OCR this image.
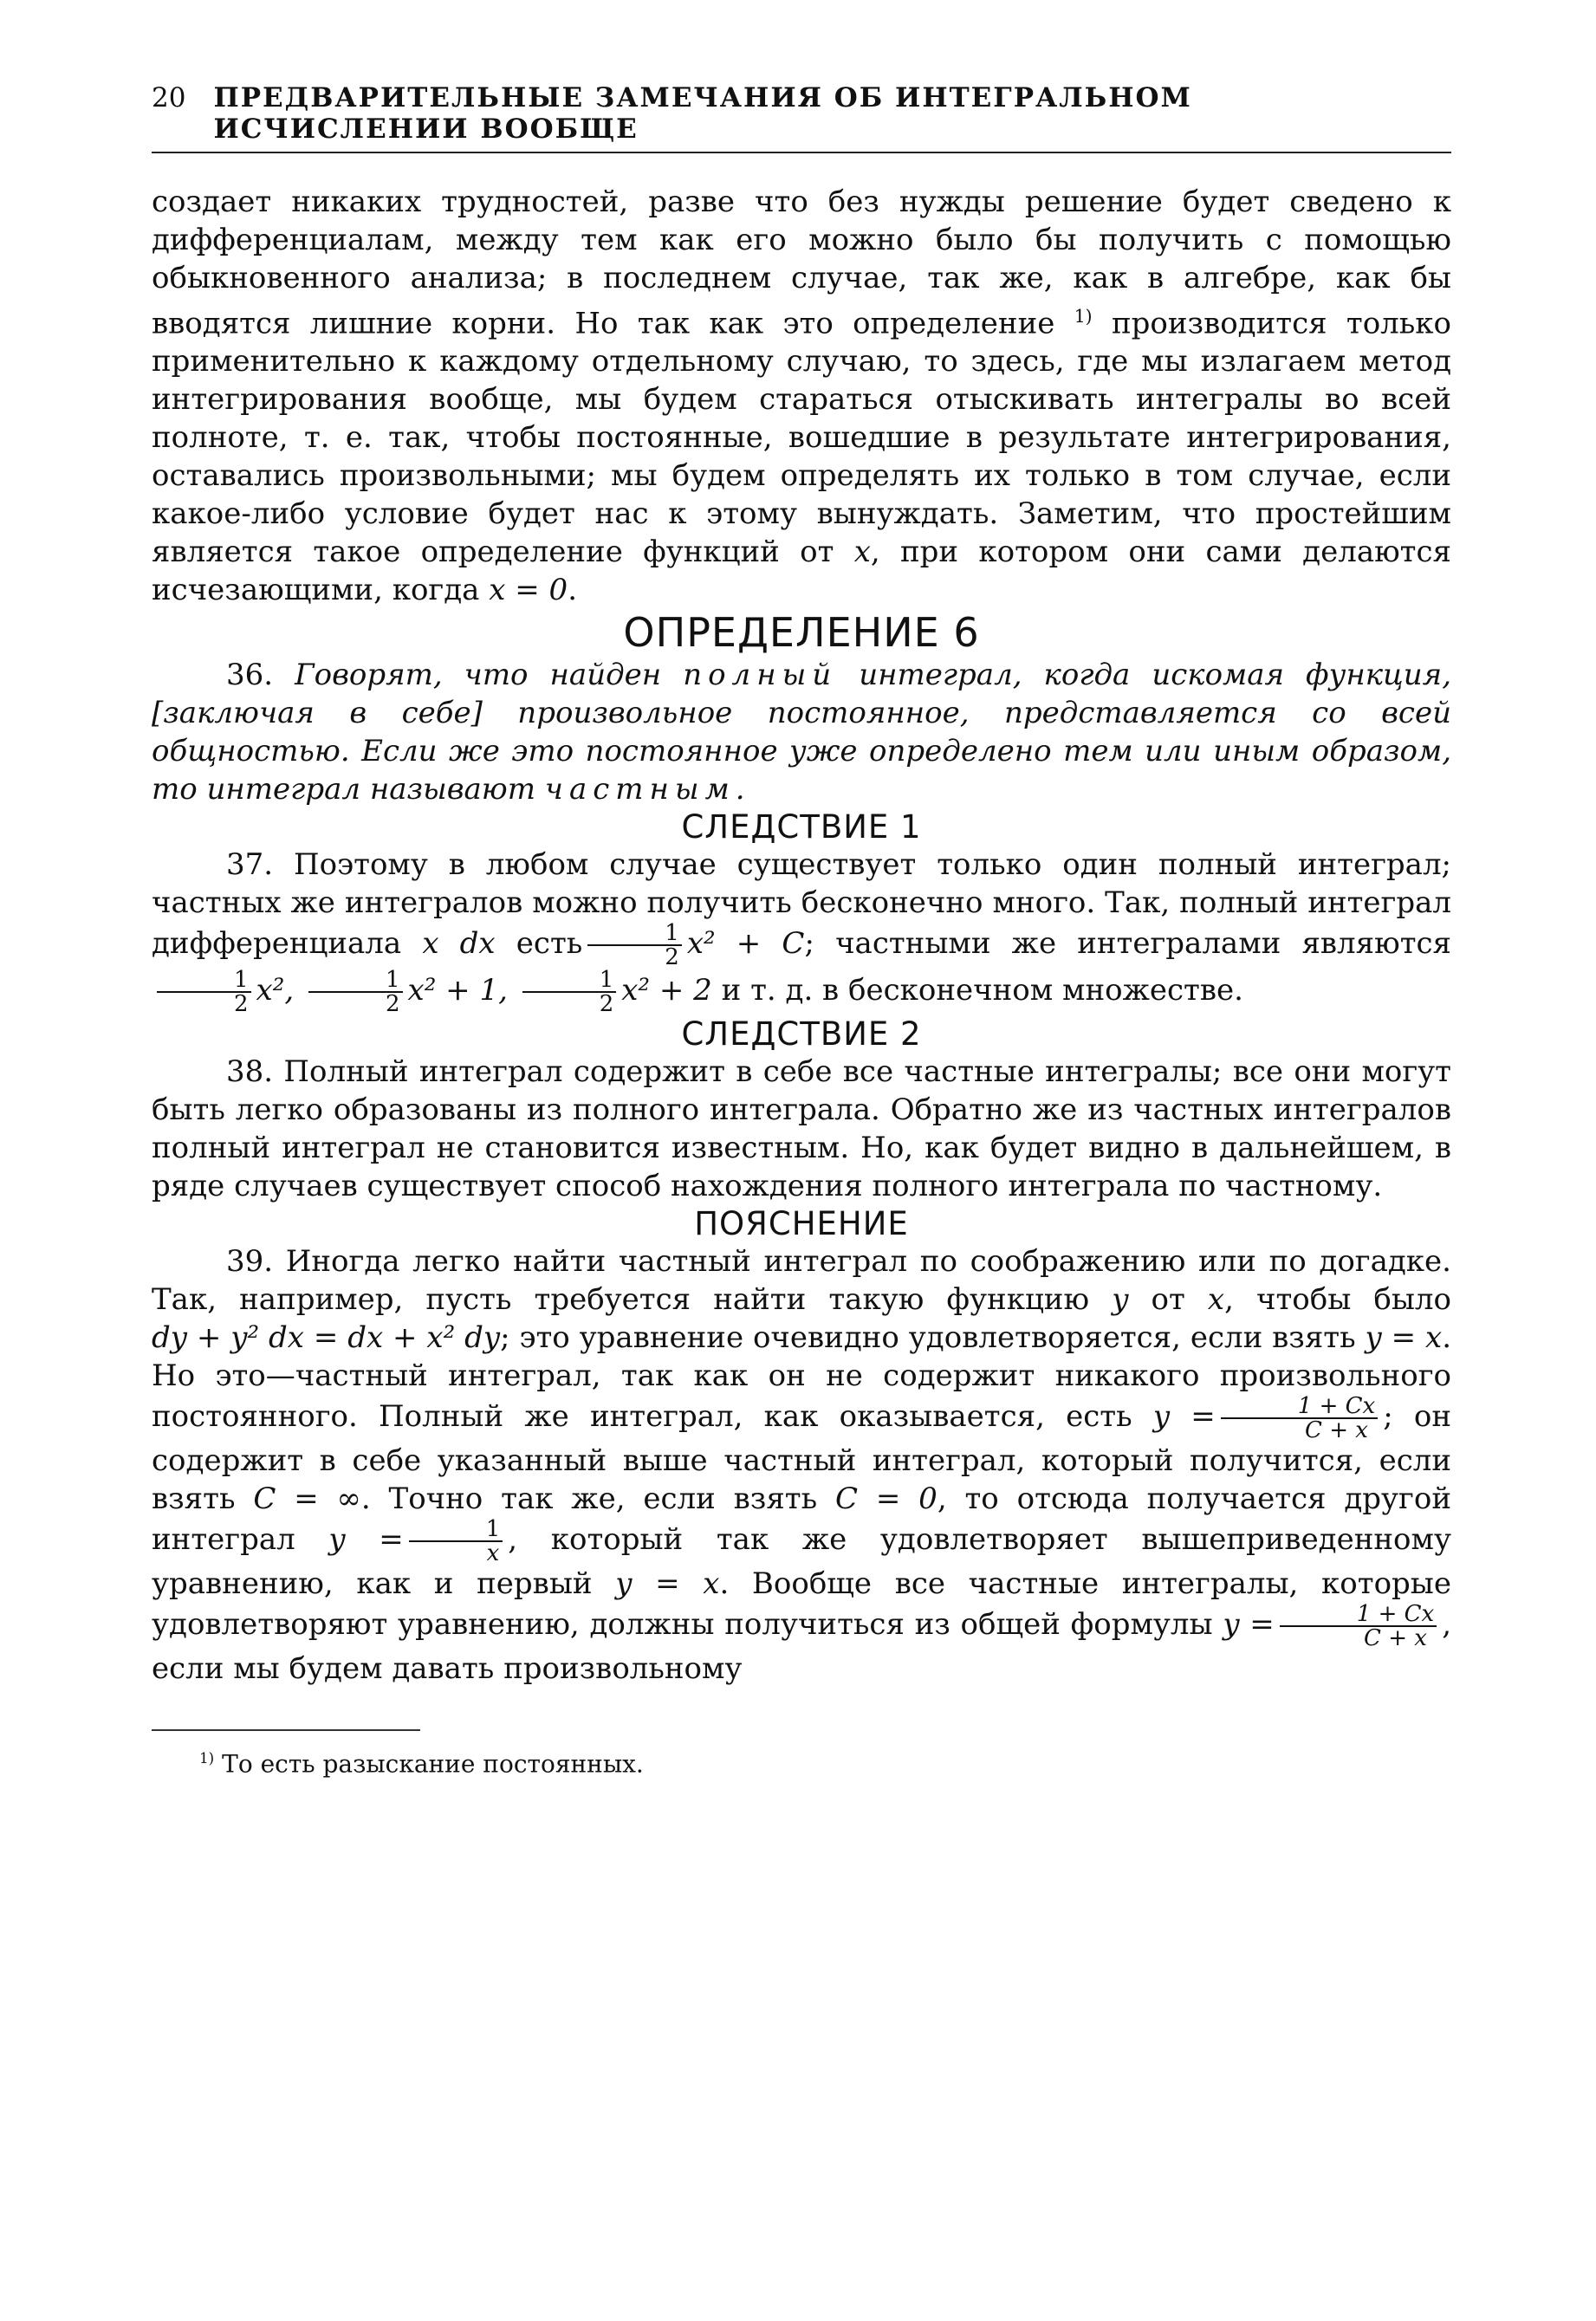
20 ПРЕДВАРИТЕЛЬНЫЕ ЗАМЕЧАНИЯ ОБ ИНТЕГРАЛЬНОМ ИСЧИСЛЕНИИ ВООБЩЕ

создает никаких трудностей, разве что без нужды решение будет сведено к дифференциалам, между тем как его можно было бы получить с помощью обыкновенного анализа; в последнем случае, так же, как в алгебре, как бы вводятся лишние корни. Но так как это определение $^{1)}$ производится только применительно к каждому отдельному случаю, то здесь, где мы излагаем метод интегрирования вообще, мы будем стараться отыскивать интегралы во всей полноте, т. е. так, чтобы постоянные, вошедшие в результате интегрирования, оставались произвольными; мы будем определять их только в том случае, если какое-либо условие будет нас к этому вынуждать. Заметим, что простейшим является такое определение функций от x, при котором они сами делаются исчезающими, когда x = 0.

ОПРЕДЕЛЕНИЕ 6

36. Говорят, что найден полный интеграл, когда искомая функция, [заключая в себе] произвольное постоянное, представляется со всей общностью. Если же это постоянное уже определено тем или иным образом, то интеграл называют частным.

СЛЕДСТВИЕ 1

37. Поэтому в любом случае существует только один полный интеграл; частных же интегралов можно получить бесконечно много. Так, полный интеграл дифференциала x dx есть $\frac{1}{2} x^2 + C$; частными же интегралами являются
$\frac{1}{2} x^2$, $\frac{1}{2} x^2 + 1$, $\frac{1}{2} x^2 + 2$ и т. д. в бесконечном множестве.

СЛЕДСТВИЕ 2

38. Полный интеграл содержит в себе все частные интегралы; все они могут быть легко образованы из полного интеграла. Обратно же из частных интегралов полный интеграл не становится известным. Но, как будет видно в дальнейшем, в ряде случаев существует способ нахождения полного интеграла по частному.

ПОЯСНЕНИЕ

39. Иногда легко найти частный интеграл по соображению или по догадке. Так, например, пусть требуется найти такую функцию y от x, чтобы было dy + y² dx = dx + x² dy; это уравнение очевидно удовлетворяется, если взять y = x. Но это—частный интеграл, так как он не содержит никакого произвольного постоянного. Полный же интеграл, как оказывается, есть $y = \frac{1 + Cx}{C + x}$ ; он содержит в себе указанный выше частный интеграл, который получится, если взять C = ∞. Точно так же, если взять C = 0, то отсюда получается другой интеграл $y = \frac{1}{x}$ , который так же удовлетворяет вышеприведенному уравнению, как и первый y = x. Вообще все частные интегралы, которые удовлетворяют уравнению, должны получиться из общей формулы $y = \frac{1 + Cx}{C + x}$ , если мы будем давать произвольному

$^{1)}$ То есть разыскание постоянных.
